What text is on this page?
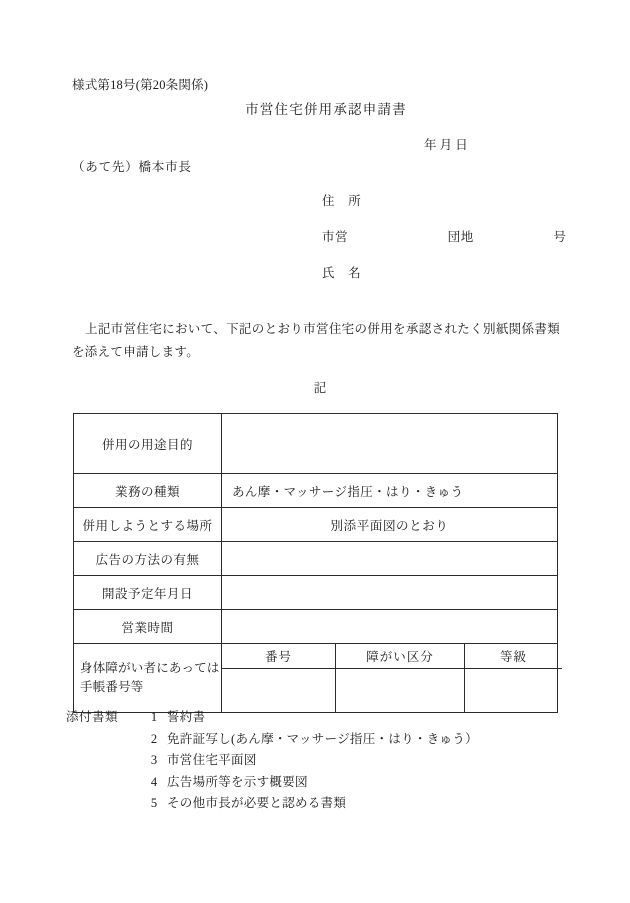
様式第18号(第20条関係)
市営住宅併用承認申請書
年 月 日
（あて先）橋本市長
住　所
市営	団地	号
氏　名
上記市営住宅において、下記のとおり市営住宅の併用を承認されたく別紙関係書類を添えて申請します。
記
併用の用途目的	
業務の種類	あん摩・マッサージ指圧・はり・きゅう
併用しようとする場所	別添平面図のとおり
広告の方法の有無	
開設予定年月日	
営業時間	
身体障がい者にあっては
手帳番号等	
番号	障がい区分	等級

添付書類	1 誓約書
2 免許証写し(あん摩・マッサージ指圧・はり・きゅう）
3 市営住宅平面図
4 広告場所等を示す概要図
5 その他市長が必要と認める書類
